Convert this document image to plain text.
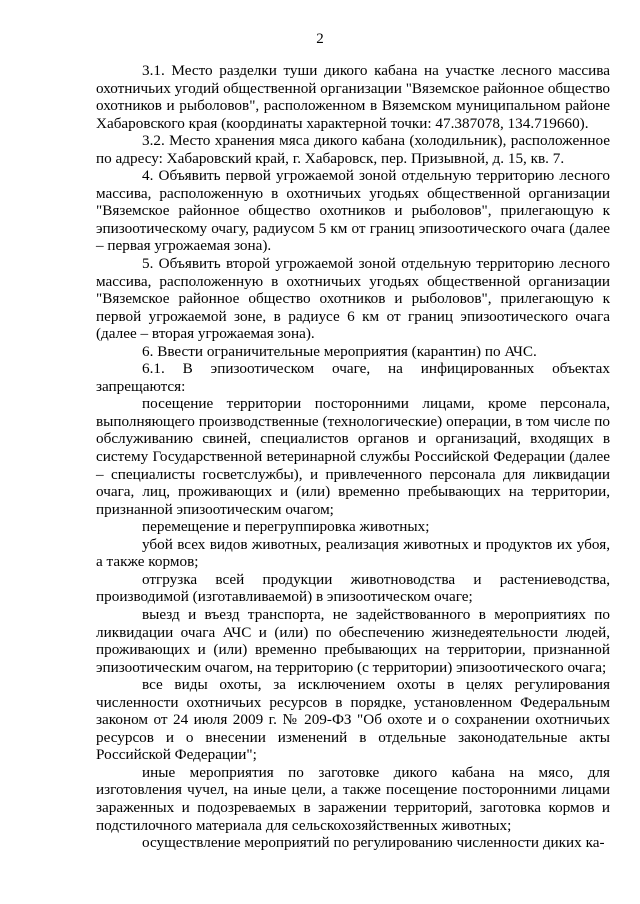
2

3.1. Место разделки туши дикого кабана на участке лесного массива охотничьих угодий общественной организации "Вяземское районное общество охотников и рыболовов", расположенном в Вяземском муниципальном районе Хабаровского края (координаты характерной точки: 47.387078, 134.719660).

3.2. Место хранения мяса дикого кабана (холодильник), расположенное по адресу: Хабаровский край, г. Хабаровск, пер. Призывной, д. 15, кв. 7.

4. Объявить первой угрожаемой зоной отдельную территорию лесного массива, расположенную в охотничьих угодьях общественной организации "Вяземское районное общество охотников и рыболовов", прилегающую к эпизоотическому очагу, радиусом 5 км от границ эпизоотического очага (далее – первая угрожаемая зона).

5. Объявить второй угрожаемой зоной отдельную территорию лесного массива, расположенную в охотничьих угодьях общественной организации "Вяземское районное общество охотников и рыболовов", прилегающую к первой угрожаемой зоне, в радиусе 6 км от границ эпизоотического очага (далее – вторая угрожаемая зона).

6. Ввести ограничительные мероприятия (карантин) по АЧС.

6.1. В эпизоотическом очаге, на инфицированных объектах запрещаются:

посещение территории посторонними лицами, кроме персонала, выполняющего производственные (технологические) операции, в том числе по обслуживанию свиней, специалистов органов и организаций, входящих в систему Государственной ветеринарной службы Российской Федерации (далее – специалисты госветслужбы), и привлеченного персонала для ликвидации очага, лиц, проживающих и (или) временно пребывающих на территории, признанной эпизоотическим очагом;

перемещение и перегруппировка животных;

убой всех видов животных, реализация животных и продуктов их убоя, а также кормов;

отгрузка всей продукции животноводства и растениеводства, производимой (изготавливаемой) в эпизоотическом очаге;

выезд и въезд транспорта, не задействованного в мероприятиях по ликвидации очага АЧС и (или) по обеспечению жизнедеятельности людей, проживающих и (или) временно пребывающих на территории, признанной эпизоотическим очагом, на территорию (с территории) эпизоотического очага;

все виды охоты, за исключением охоты в целях регулирования численности охотничьих ресурсов в порядке, установленном Федеральным законом от 24 июля 2009 г. № 209-ФЗ "Об охоте и о сохранении охотничьих ресурсов и о внесении изменений в отдельные законодательные акты Российской Федерации";

иные мероприятия по заготовке дикого кабана на мясо, для изготовления чучел, на иные цели, а также посещение посторонними лицами зараженных и подозреваемых в заражении территорий, заготовка кормов и подстилочного материала для сельскохозяйственных животных;

осуществление мероприятий по регулированию численности диких ка-
